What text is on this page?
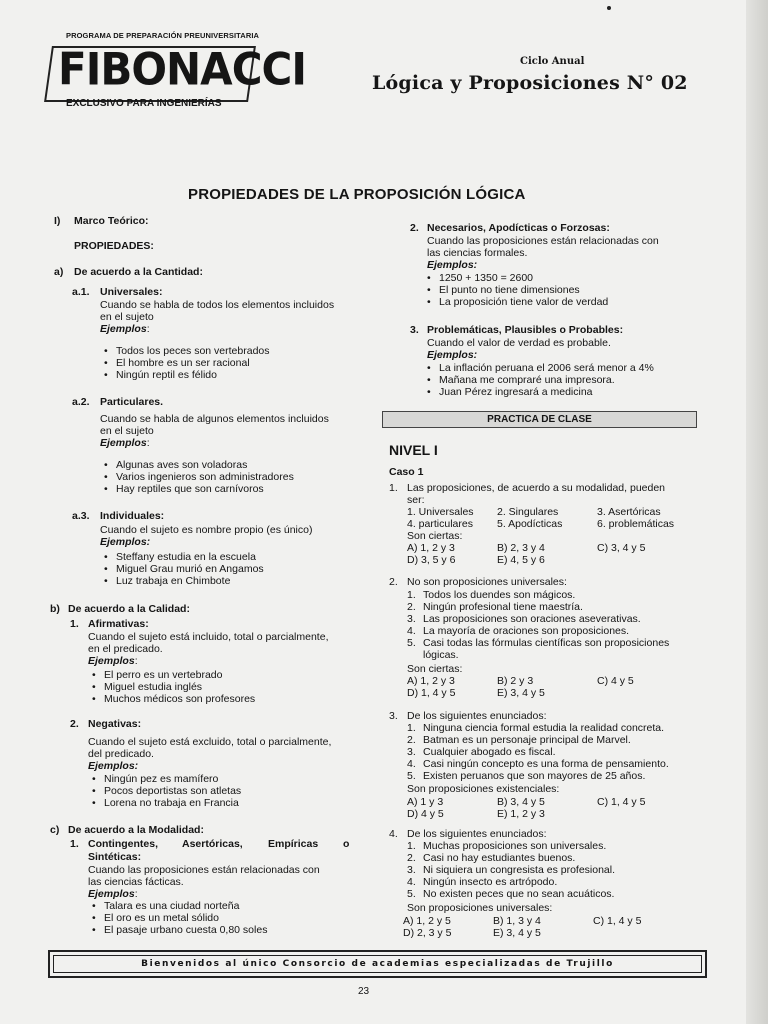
PROGRAMA DE PREPARACIÓN PREUNIVERSITARIA
FIBONACCI
EXCLUSIVO PARA INGENIERÍAS
Ciclo Anual
Lógica y Proposiciones N° 02
PROPIEDADES DE LA PROPOSICIÓN LÓGICA
I) Marco Teórico:
PROPIEDADES:
a) De acuerdo a la Cantidad:
a.1. Universales:
Cuando se habla de todos los elementos incluidos
en el sujeto
Ejemplos:

• Todos los peces son vertebrados

• El hombre es un ser racional

• Ningún reptil es félido

a.2. Particulares.
Cuando se habla de algunos elementos incluidos
en el sujeto
Ejemplos:

• Algunas aves son voladoras

• Varios ingenieros son administradores

• Hay reptiles que son carnívoros

a.3. Individuales:
Cuando el sujeto es nombre propio (es único)
Ejemplos:

• Steffany estudia en la escuela

• Miguel Grau murió en Angamos

• Luz trabaja en Chimbote

b) De acuerdo a la Calidad:
1. Afirmativas:
Cuando el sujeto está incluido, total o parcialmente,
en el predicado.
Ejemplos:

• El perro es un vertebrado

• Miguel estudia inglés

• Muchos médicos son profesores

2. Negativas:
Cuando el sujeto está excluido, total o parcialmente,
del predicado.
Ejemplos:

• Ningún pez es mamífero

• Pocos deportistas son atletas

• Lorena no trabaja en Francia

c) De acuerdo a la Modalidad:
1. Contingentes, Asertóricas, Empíricas o
Sintéticas:
Cuando las proposiciones están relacionadas con
las ciencias fácticas.
Ejemplos:

• Talara es una ciudad norteña

• El oro es un metal sólido

• El pasaje urbano cuesta 0,80 soles

2. Necesarios, Apodícticas o Forzosas:
Cuando las proposiciones están relacionadas con
las ciencias formales.
Ejemplos:

• 1250 + 1350 = 2600

• El punto no tiene dimensiones

• La proposición tiene valor de verdad

3. Problemáticas, Plausibles o Probables:
Cuando el valor de verdad es probable.
Ejemplos:

• La inflación peruana el 2006 será menor a 4%

• Mañana me compraré una impresora.

• Juan Pérez ingresará a medicina

PRACTICA DE CLASE
NIVEL I
Caso 1
1. Las proposiciones, de acuerdo a su modalidad, pueden
ser:
1. Universales 2. Singulares	3. Asertóricas
4. particulares 5. Apodícticas	6. problemáticas
Son ciertas:
A) 1, 2 y 3	B) 2, 3 y 4	C) 3, 4 y 5
D) 3, 5 y 6	E) 4, 5 y 6
2. No son proposiciones universales:

1. Todos los duendes son mágicos.

2. Ningún profesional tiene maestría.

3. Las proposiciones son oraciones aseverativas.

4. La mayoría de oraciones son proposiciones.

5. Casi todas las fórmulas científicas son proposiciones

lógicas.

Son ciertas:
A) 1, 2 y 3	B) 2 y 3	C) 4 y 5
D) 1, 4 y 5	E) 3, 4 y 5
3. De los siguientes enunciados:

1. Ninguna ciencia formal estudia la realidad concreta.

2. Batman es un personaje principal de Marvel.

3. Cualquier abogado es fiscal.

4. Casi ningún concepto es una forma de pensamiento.

5. Existen peruanos que son mayores de 25 años.

Son proposiciones existenciales:
A) 1 y 3	B) 3, 4 y 5	C) 1, 4 y 5
D) 4 y 5	E) 1, 2 y 3
4. De los siguientes enunciados:

1. Muchas proposiciones son universales.

2. Casi no hay estudiantes buenos.

3. Ni siquiera un congresista es profesional.

4. Ningún insecto es artrópodo.

5. No existen peces que no sean acuáticos.

Son proposiciones universales:
A) 1, 2 y 5	B) 1, 3 y 4	C) 1, 4 y 5
D) 2, 3 y 5	E) 3, 4 y 5
Bienvenidos al único Consorcio de academias especializadas de Trujillo
23
